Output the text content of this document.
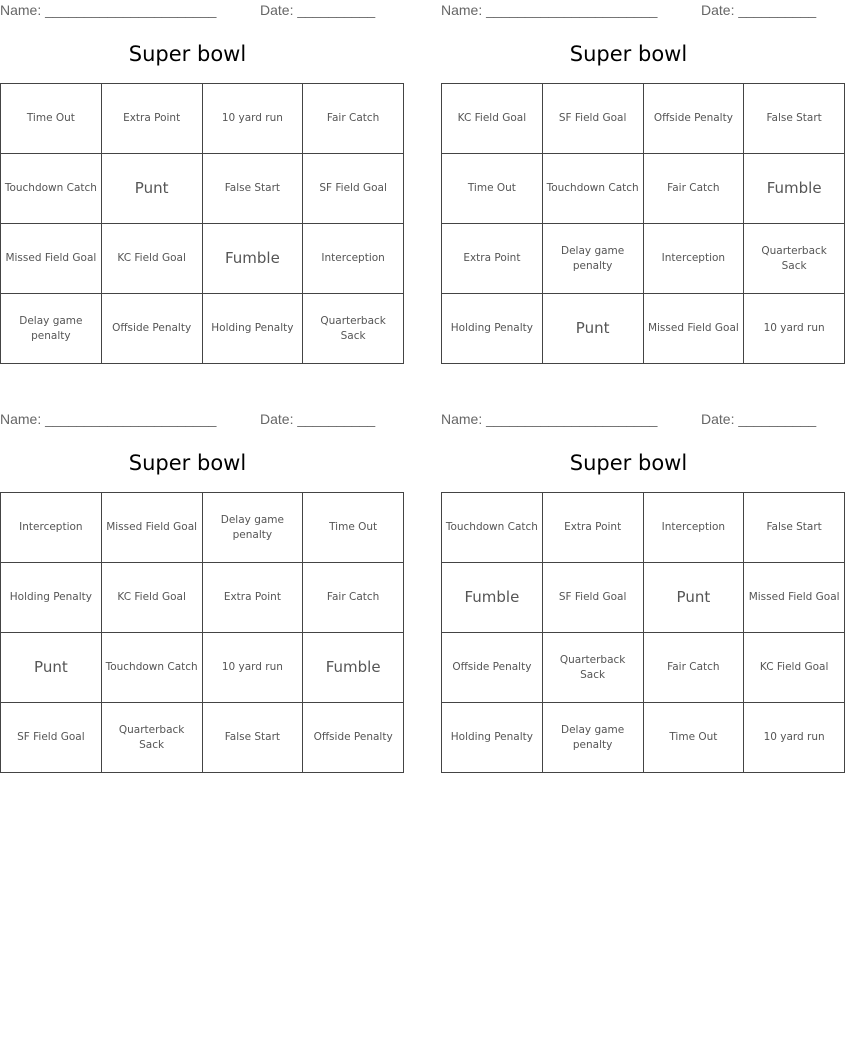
Name: ______________________	Date: __________
Super bowl
Time Out	Extra Point	10 yard run	Fair Catch
Touchdown Catch	Punt	False Start	SF Field Goal
Missed Field Goal	KC Field Goal	Fumble	Interception
Delay game penalty	Offside Penalty	Holding Penalty	Quarterback Sack
Name: ______________________	Date: __________
Super bowl
KC Field Goal	SF Field Goal	Offside Penalty	False Start
Time Out	Touchdown Catch	Fair Catch	Fumble
Extra Point	Delay game penalty	Interception	Quarterback Sack
Holding Penalty	Punt	Missed Field Goal	10 yard run
Name: ______________________	Date: __________
Super bowl
Interception	Missed Field Goal	Delay game penalty	Time Out
Holding Penalty	KC Field Goal	Extra Point	Fair Catch
Punt	Touchdown Catch	10 yard run	Fumble
SF Field Goal	Quarterback Sack	False Start	Offside Penalty
Name: ______________________	Date: __________
Super bowl
Touchdown Catch	Extra Point	Interception	False Start
Fumble	SF Field Goal	Punt	Missed Field Goal
Offside Penalty	Quarterback Sack	Fair Catch	KC Field Goal
Holding Penalty	Delay game penalty	Time Out	10 yard run
